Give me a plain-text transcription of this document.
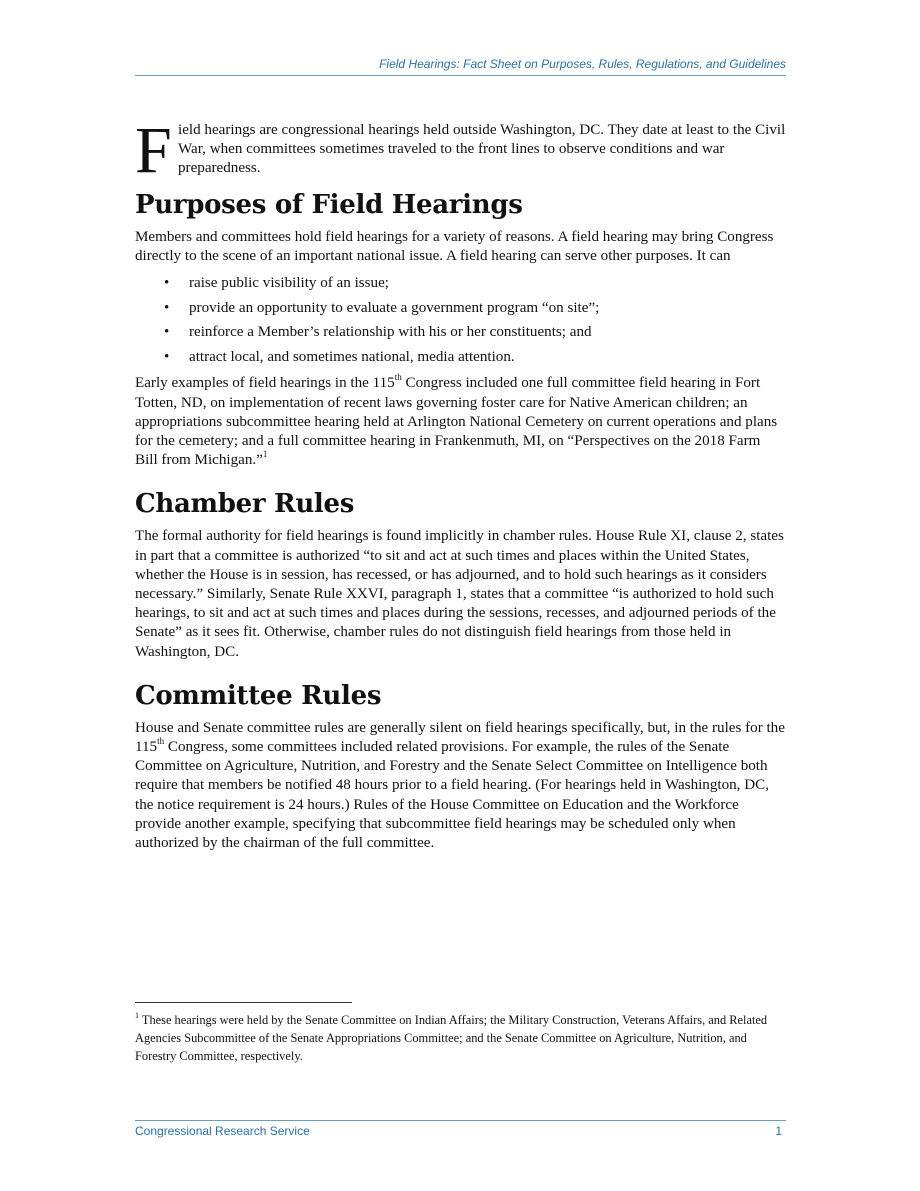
Field Hearings: Fact Sheet on Purposes, Rules, Regulations, and Guidelines

F ield hearings are congressional hearings held outside Washington, DC. They date at least to the Civil War, when committees sometimes traveled to the front lines to observe conditions and war preparedness.

Purposes of Field Hearings

Members and committees hold field hearings for a variety of reasons. A field hearing may bring Congress directly to the scene of an important national issue. A field hearing can serve other purposes. It can

• raise public visibility of an issue;
• provide an opportunity to evaluate a government program “on site”;
• reinforce a Member’s relationship with his or her constituents; and
• attract local, and sometimes national, media attention.

Early examples of field hearings in the 115th Congress included one full committee field hearing in Fort Totten, ND, on implementation of recent laws governing foster care for Native American children; an appropriations subcommittee hearing held at Arlington National Cemetery on current operations and plans for the cemetery; and a full committee hearing in Frankenmuth, MI, on “Perspectives on the 2018 Farm Bill from Michigan.”$^1$

Chamber Rules

The formal authority for field hearings is found implicitly in chamber rules. House Rule XI, clause 2, states in part that a committee is authorized “to sit and act at such times and places within the United States, whether the House is in session, has recessed, or has adjourned, and to hold such hearings as it considers necessary.” Similarly, Senate Rule XXVI, paragraph 1, states that a committee “is authorized to hold such hearings, to sit and act at such times and places during the sessions, recesses, and adjourned periods of the Senate” as it sees fit. Otherwise, chamber rules do not distinguish field hearings from those held in Washington, DC.

Committee Rules

House and Senate committee rules are generally silent on field hearings specifically, but, in the rules for the 115th Congress, some committees included related provisions. For example, the rules of the Senate Committee on Agriculture, Nutrition, and Forestry and the Senate Select Committee on Intelligence both require that members be notified 48 hours prior to a field hearing. (For hearings held in Washington, DC, the notice requirement is 24 hours.) Rules of the House Committee on Education and the Workforce provide another example, specifying that subcommittee field hearings may be scheduled only when authorized by the chairman of the full committee.

$^1$ These hearings were held by the Senate Committee on Indian Affairs; the Military Construction, Veterans Affairs, and Related Agencies Subcommittee of the Senate Appropriations Committee; and the Senate Committee on Agriculture, Nutrition, and Forestry Committee, respectively.
Congressional Research Service	1
